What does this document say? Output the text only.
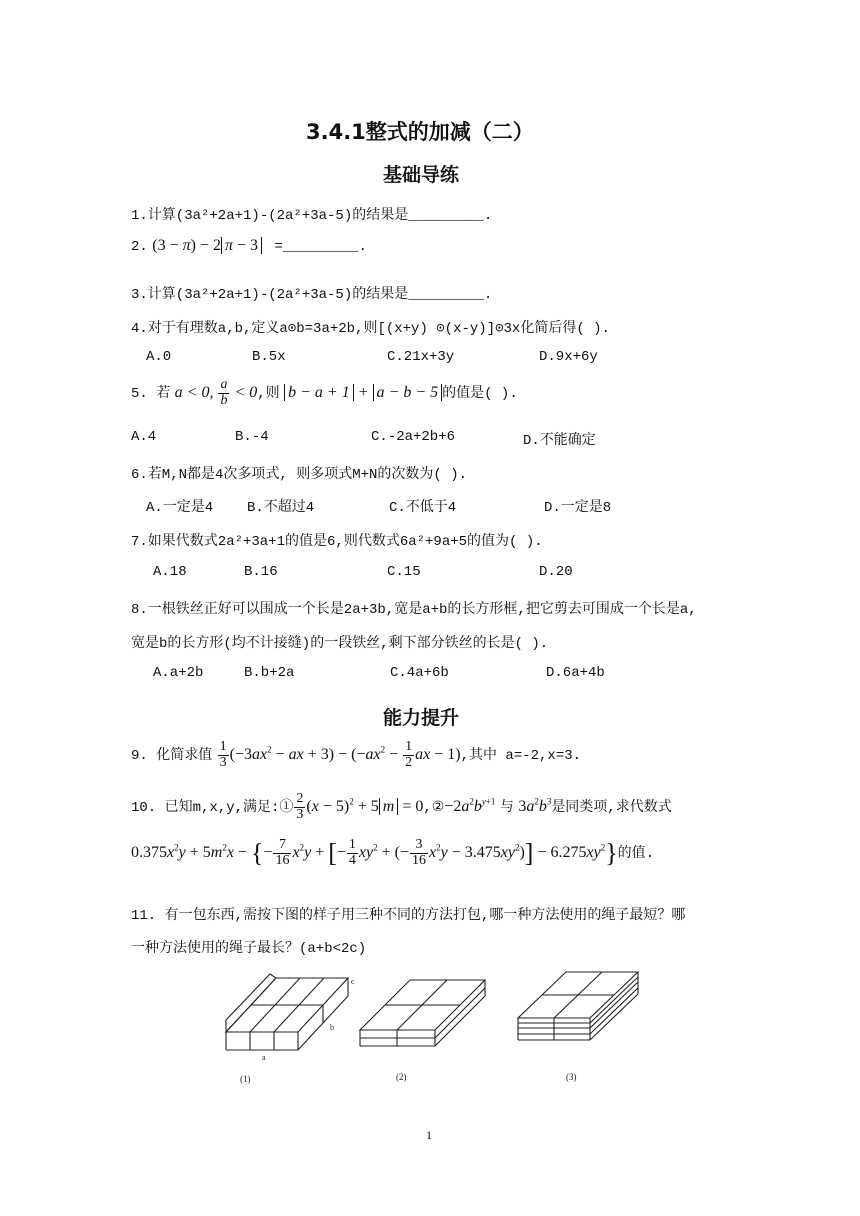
3.4.1整式的加减（二）
基础导练
1.计算(3a²+2a+1)-(2a²+3a-5)的结果是_________.
2. (3 − π) − 2 π − 3 =_________.
3.计算(3a²+2a+1)-(2a²+3a-5)的结果是_________.
4.对于有理数a,b,定义a⊙b=3a+2b,则[(x+y) ⊙(x-y)]⊙3x化简后得( ).
A.0	B.5x	C.21x+3y	D.9x+6y
5. 若 a < 0, $\frac{a}{b} < 0$,则 b − a + 1 + a − b − 5 的值是( ).
A.4	B.-4	C.-2a+2b+6	D.不能确定
6.若M,N都是4次多项式, 则多项式M+N的次数为( ).
A.一定是4 B.不超过4	C.不低于4	D.一定是8
7.如果代数式2a²+3a+1的值是6,则代数式6a²+9a+5的值为( ).
A.18	B.16	C.15	D.20
8.一根铁丝正好可以围成一个长是2a+3b,宽是a+b的长方形框,把它剪去可围成一个长是a,
宽是b的长方形(均不计接缝)的一段铁丝,剩下部分铁丝的长是( ).
A.a+2b	B.b+2a	C.4a+6b	D.6a+4b
能力提升
9. 化简求值 $\frac{1}{3} (-3ax^2$ − ax + $3) - (-ax^2 - \frac{1}{2}$ ax − 1),其中 a=-2,x=3.
10. 已知m,x,y,满足:① $\frac{2}{3} (x - 5)^2 + 5$ $m = 0,②-2a^2b^{y+1}$ 与 $3a^2b^3$是同类项,求代数式
$0.375x^2y + 5m^2x$ − {− $\frac{7}{16} x^2y$ + [− $\frac{1}{4} xy^2$ + (− $\frac{3}{16} x^2y - 3.475xy^2)] - 6.275xy^2$}的值.
11. 有一包东西,需按下图的样子用三种不同的方法打包,哪一种方法使用的绳子最短？哪
一种方法使用的绳子最长？(a+b<2c)
c
b
a
(1)	(2)	(3)
1
